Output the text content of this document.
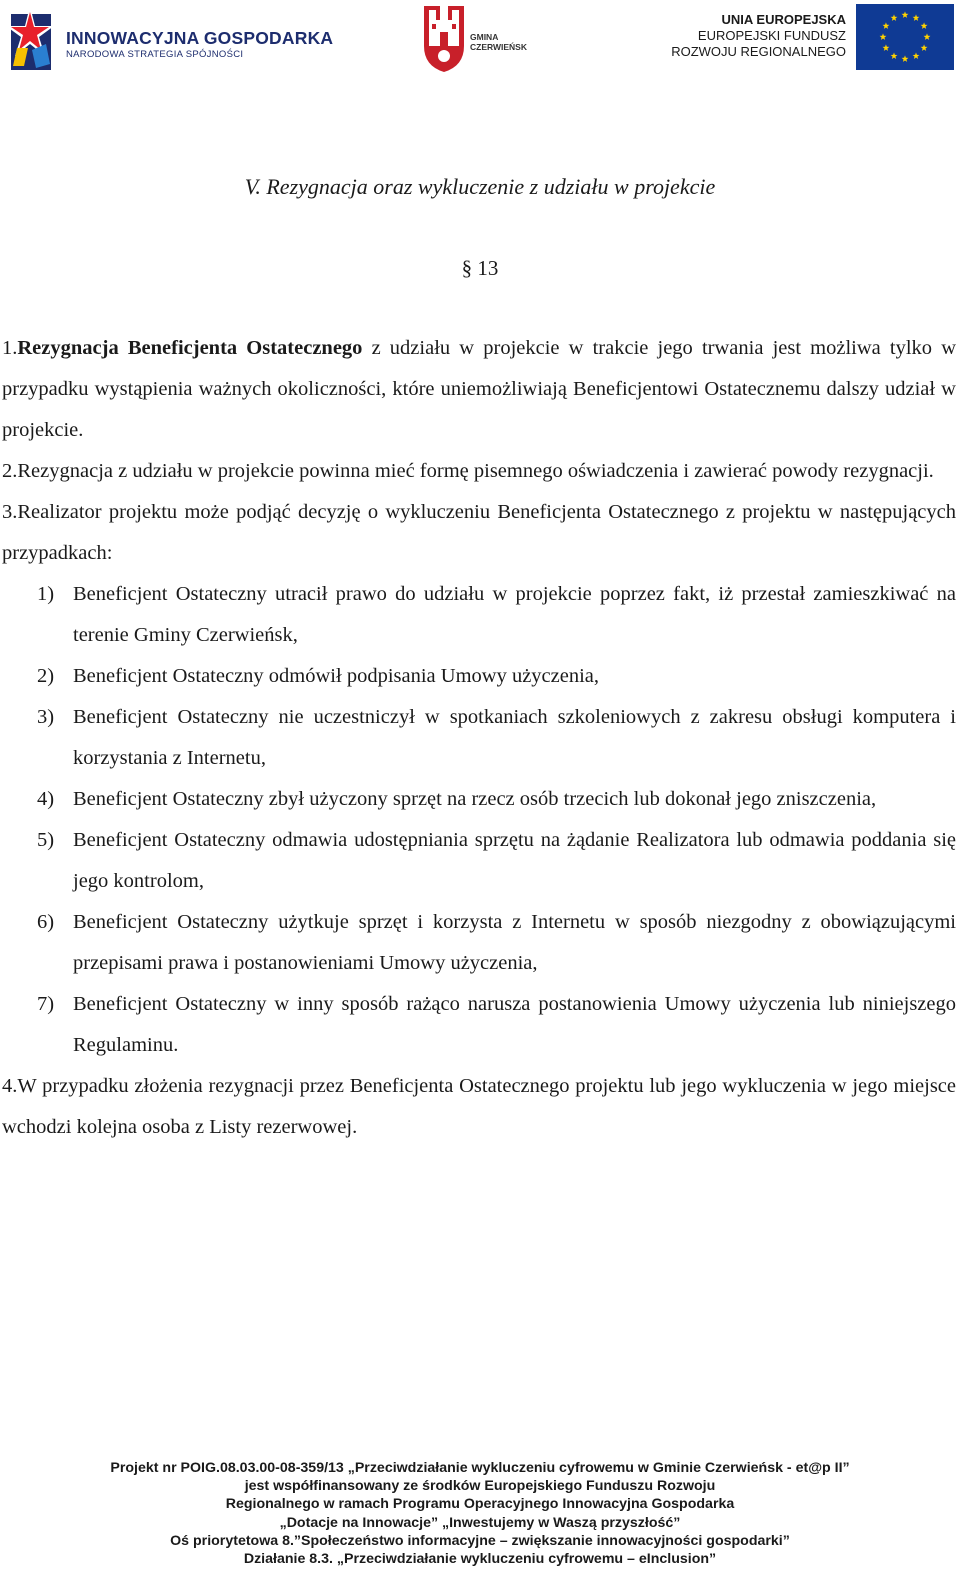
INNOWACYJNA GOSPODARKA
NARODOWA STRATEGIA SPÓJNOŚCI
GMINA
CZERWIEŃSK
UNIA EUROPEJSKA
EUROPEJSKI FUNDUSZ
ROZWOJU REGIONALNEGO
V. Rezygnacja oraz wykluczenie z udziału w projekcie
§ 13

1.Rezygnacja Beneficjenta Ostatecznego z udziału w projekcie w trakcie jego trwania jest możliwa tylko w przypadku wystąpienia ważnych okoliczności, które uniemożliwiają Beneficjentowi Ostatecznemu dalszy udział w projekcie.

2.Rezygnacja z udziału w projekcie powinna mieć formę pisemnego oświadczenia i zawierać powody rezygnacji.

3.Realizator projektu może podjąć decyzję o wykluczeniu Beneficjenta Ostatecznego z projektu w następujących przypadkach:

1) Beneficjent Ostateczny utracił prawo do udziału w projekcie poprzez fakt, iż przestał zamieszkiwać na terenie Gminy Czerwieńsk,
2) Beneficjent Ostateczny odmówił podpisania Umowy użyczenia,
3) Beneficjent Ostateczny nie uczestniczył w spotkaniach szkoleniowych z zakresu obsługi komputera i korzystania z Internetu,
4) Beneficjent Ostateczny zbył użyczony sprzęt na rzecz osób trzecich lub dokonał jego zniszczenia,
5) Beneficjent Ostateczny odmawia udostępniania sprzętu na żądanie Realizatora lub odmawia poddania się jego kontrolom,
6) Beneficjent Ostateczny użytkuje sprzęt i korzysta z Internetu w sposób niezgodny z obowiązującymi przepisami prawa i postanowieniami Umowy użyczenia,
7) Beneficjent Ostateczny w inny sposób rażąco narusza postanowienia Umowy użyczenia lub niniejszego Regulaminu.

4.W przypadku złożenia rezygnacji przez Beneficjenta Ostatecznego projektu lub jego wykluczenia w jego miejsce wchodzi kolejna osoba z Listy rezerwowej.

Projekt nr POIG.08.03.00-08-359/13 „Przeciwdziałanie wykluczeniu cyfrowemu w Gminie Czerwieńsk - et@p II”
jest współfinansowany ze środków Europejskiego Funduszu Rozwoju
Regionalnego w ramach Programu Operacyjnego Innowacyjna Gospodarka
„Dotacje na Innowacje” „Inwestujemy w Waszą przyszłość”
Oś priorytetowa 8.”Społeczeństwo informacyjne – zwiększanie innowacyjności gospodarki”
Działanie 8.3. „Przeciwdziałanie wykluczeniu cyfrowemu – eInclusion”
